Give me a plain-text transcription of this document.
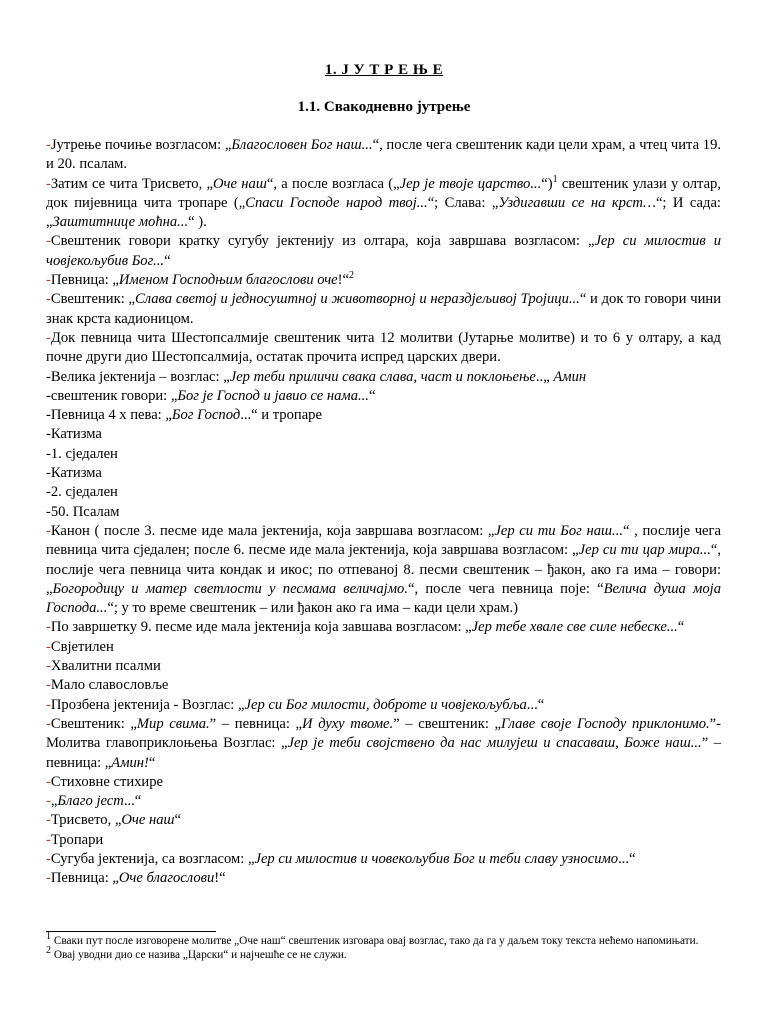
1. Ј У Т Р Е Њ Е
1.1. Свакодневно јутрење
-Јутрење почиње возгласом: „Благословен Бог наш...“, после чега свештеник кади цели храм, а чтец чита 19. и 20. псалам.
-Затим се чита Трисвето, „Оче наш“, а после возгласа („Јер је твоје царство...“)$^1$ свештеник улази у олтар, док пијевница чита тропаре („Спаси Господе народ твој...“; Слава: „Уздигавши се на крст…“; И сада: „Заштитнице моћна...“ ).
-Свештеник говори кратку сугубу јектенију из олтара, која завршава возгласом: „Јер си милостив и човјекољубив Бог...“
-Певница: „Именом Господњим благослови оче!“$^2$
-Свештеник: „Слава светој и једносуштној и животворној и нераздјељивој Тројици...“ и док то говори чини знак крста кадионицом.
-Док певница чита Шестопсалмије свештеник чита 12 молитви (Јутарње молитве) и то 6 у олтару, а кад почне други дио Шестопсалмија, остатак прочита испред царских двери.
-Велика јектенија – возглас: „Јер теби приличи свака слава, част и поклоњење..„ Амин
-свештеник говори: „Бог је Господ и јавио се нама...“
-Певница 4 x пева: „Бог Господ...“ и тропаре
-Катизма
-1. сједален
-Катизма
-2. сједален
-50. Псалам
-Канон ( после 3. песме иде мала јектенија, која завршава возгласом: „Јер си ти Бог наш...“ , послије чега певница чита сједален; после 6. песме иде мала јектенија, која завршава возгласом: „Јер си ти цар мира...“, послије чега певница чита кондак и икос; по отпеваној 8. песми свештеник – ђакон, ако га има – говори: „Богородицу и матер светлости у песмама величајмо.“, после чега певница поје: “Велича душа моја Господа...“; у то време свештеник – или ђакон ако га има – кади цели храм.)
-По завршетку 9. песме иде мала јектенија која завшава возгласом: „Јер тебе хвале све силе небеске...“
-Свјетилен
-Хвалитни псалми
-Мало славословље
-Прозбена јектенија - Возглас: „Јер си Бог милости, доброте и човјекољубља...“
-Свештеник: „Мир свима.” – певница: „И духу твоме.” – свештеник: „Главе своје Господу приклонимо.”- Молитва главоприклоњења Возглас: „Јер је теби својствено да нас милујеш и спасаваш, Боже наш...” – певница: „Амин!“
-Стиховне стихире
-„Благо јест...“
-Трисвето, „Оче наш“
-Тропари
-Сугуба јектенија, са возгласом: „Јер си милостив и човекољубив Бог и теби славу узносимо...“
-Певница: „Оче благослови!“
$^1$ Сваки пут после изговорене молитве „Оче наш“ свештеник изговара овај возглас, тако да га у даљем току текста нећемо напомињати.
$^2$ Овај уводни дио се назива „Царски“ и најчешће се не служи.
